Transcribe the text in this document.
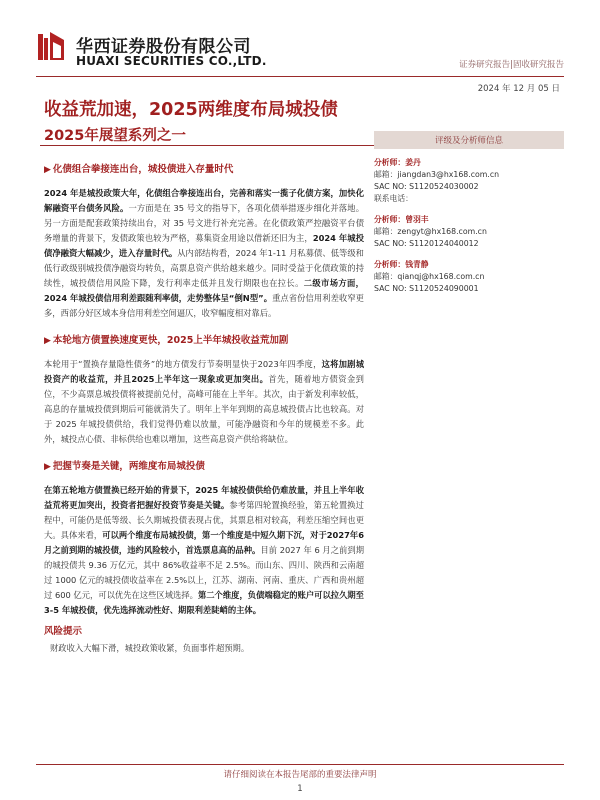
华西证券股份有限公司
HUAXI SECURITIES CO.,LTD.	证券研究报告|固收研究报告
2024 年 12 月 05 日
收益荒加速，2025两维度布局城投债
2025年展望系列之一
▶ 化债组合拳接连出台，城投债进入存量时代

2024 年是城投政策大年，化债组合拳接连出台，完善和落实一揽子化债方案，加快化解融资平台债务风险。一方面是在 35 号文的指导下，各项化债举措逐步细化并落地。另一方面是配套政策持续出台，对 35 号文进行补充完善。在化债政策严控融资平台债务增量的背景下，发债政策也较为严格，募集资金用途以借新还旧为主，2024 年城投债净融资大幅减少，进入存量时代。从内部结构看，2024 年1-11 月私募债、低等级和低行政级别城投债净融资均转负，高票息资产供给越来越少。同时受益于化债政策的持续性，城投债信用风险下降，发行利率走低并且发行期限也在拉长。二级市场方面，2024 年城投债信用利差跟随利率债，走势整体呈“倒N型”。重点省份信用利差收窄更多，西部分好区域本身信用利差空间逼仄，收窄幅度相对靠后。

▶ 本轮地方债置换速度更快，2025上半年城投收益荒加剧

本轮用于“置换存量隐性债务”的地方债发行节奏明显快于2023年四季度，这将加剧城投资产的收益荒，并且2025上半年这一现象或更加突出。首先，随着地方债资金到位，不少高票息城投债将被提前兑付，高峰可能在上半年。其次，由于新发利率较低，高息的存量城投债到期后可能就消失了。明年上半年到期的高息城投债占比也较高。对于 2025 年城投债供给，我们觉得仍难以放量，可能净融资和今年的规模差不多。此外，城投点心债、非标供给也难以增加，这些高息资产供给将缺位。

▶ 把握节奏是关键，两维度布局城投债

在第五轮地方债置换已经开始的背景下，2025 年城投债供给仍难放量，并且上半年收益荒将更加突出，投资者把握好投资节奏是关键。参考第四轮置换经验，第五轮置换过程中，可能仍是低等级、长久期城投债表现占优，其票息相对较高，利差压缩空间也更大。具体来看，可以两个维度布局城投债，第一个维度是中短久期下沉，对于2027年6月之前到期的城投债，违约风险较小，首选票息高的品种。目前 2027 年 6 月之前到期的城投债共 9.36 万亿元，其中 86%收益率不足 2.5%。而山东、四川、陕西和云南超过 1000 亿元的城投债收益率在 2.5%以上，江苏、湖南、河南、重庆、广西和贵州超过 600 亿元，可以优先在这些区域选择。第二个维度，负债端稳定的账户可以拉久期至 3-5 年城投债，优先选择流动性好、期限利差陡峭的主体。

风险提示

财政收入大幅下滑，城投政策收紧，负面事件超预期。

评级及分析师信息
分析师：姜丹
邮箱：jiangdan3@hx168.com.cn
SAC NO: S1120524030002
联系电话：
分析师：曾羽丰
邮箱：zengyt@hx168.com.cn
SAC NO: S1120124040012
分析师：钱青静
邮箱：qianqj@hx168.com.cn
SAC NO: S1120524090001
请仔细阅读在本报告尾部的重要法律声明
1
